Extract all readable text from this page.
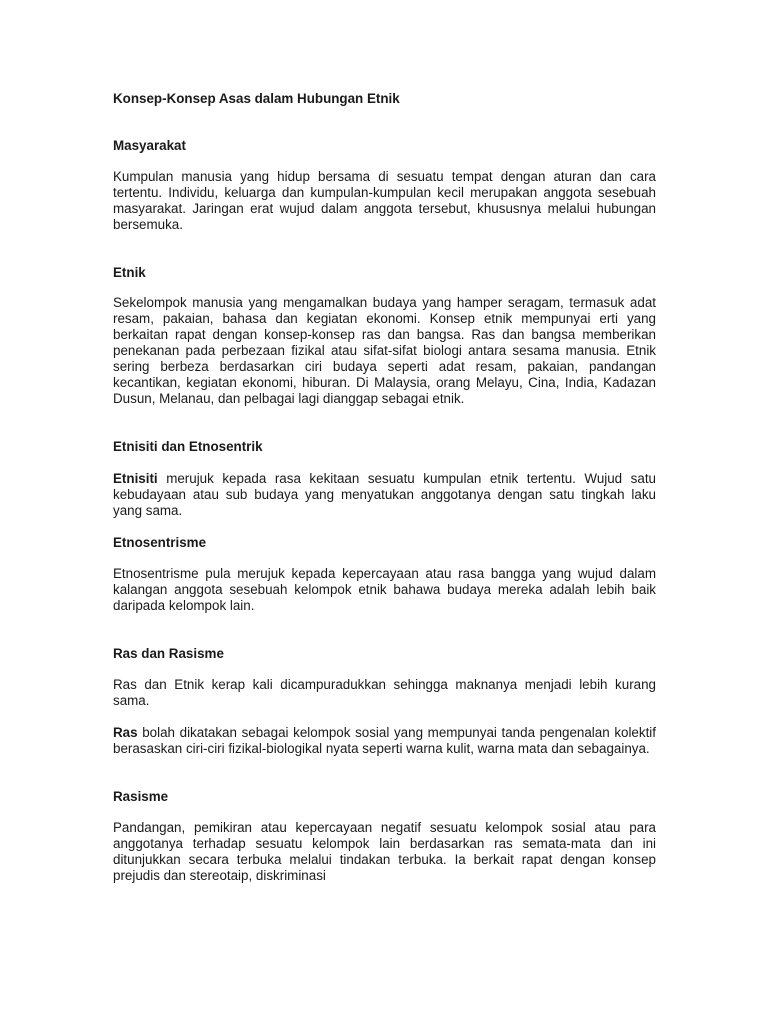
Konsep-Konsep Asas dalam Hubungan Etnik
Masyarakat
Kumpulan manusia yang hidup bersama di sesuatu tempat dengan aturan dan cara tertentu. Individu, keluarga dan kumpulan-kumpulan kecil merupakan anggota sesebuah masyarakat. Jaringan erat wujud dalam anggota tersebut, khususnya melalui hubungan bersemuka.
Etnik
Sekelompok manusia yang mengamalkan budaya yang hamper seragam, termasuk adat resam, pakaian, bahasa dan kegiatan ekonomi. Konsep etnik mempunyai erti yang berkaitan rapat dengan konsep-konsep ras dan bangsa. Ras dan bangsa memberikan penekanan pada perbezaan fizikal atau sifat-sifat biologi antara sesama manusia. Etnik sering berbeza berdasarkan ciri budaya seperti adat resam, pakaian, pandangan kecantikan, kegiatan ekonomi, hiburan. Di Malaysia, orang Melayu, Cina, India, Kadazan Dusun, Melanau, dan pelbagai lagi dianggap sebagai etnik.
Etnisiti dan Etnosentrik
Etnisiti merujuk kepada rasa kekitaan sesuatu kumpulan etnik tertentu. Wujud satu kebudayaan atau sub budaya yang menyatukan anggotanya dengan satu tingkah laku yang sama.
Etnosentrisme
Etnosentrisme pula merujuk kepada kepercayaan atau rasa bangga yang wujud dalam kalangan anggota sesebuah kelompok etnik bahawa budaya mereka adalah lebih baik daripada kelompok lain.
Ras dan Rasisme
Ras dan Etnik kerap kali dicampuradukkan sehingga maknanya menjadi lebih kurang sama.
Ras bolah dikatakan sebagai kelompok sosial yang mempunyai tanda pengenalan kolektif berasaskan ciri-ciri fizikal-biologikal nyata seperti warna kulit, warna mata dan sebagainya.
Rasisme
Pandangan, pemikiran atau kepercayaan negatif sesuatu kelompok sosial atau para anggotanya terhadap sesuatu kelompok lain berdasarkan ras semata-mata dan ini ditunjukkan secara terbuka melalui tindakan terbuka. Ia berkait rapat dengan konsep prejudis dan stereotaip, diskriminasi
